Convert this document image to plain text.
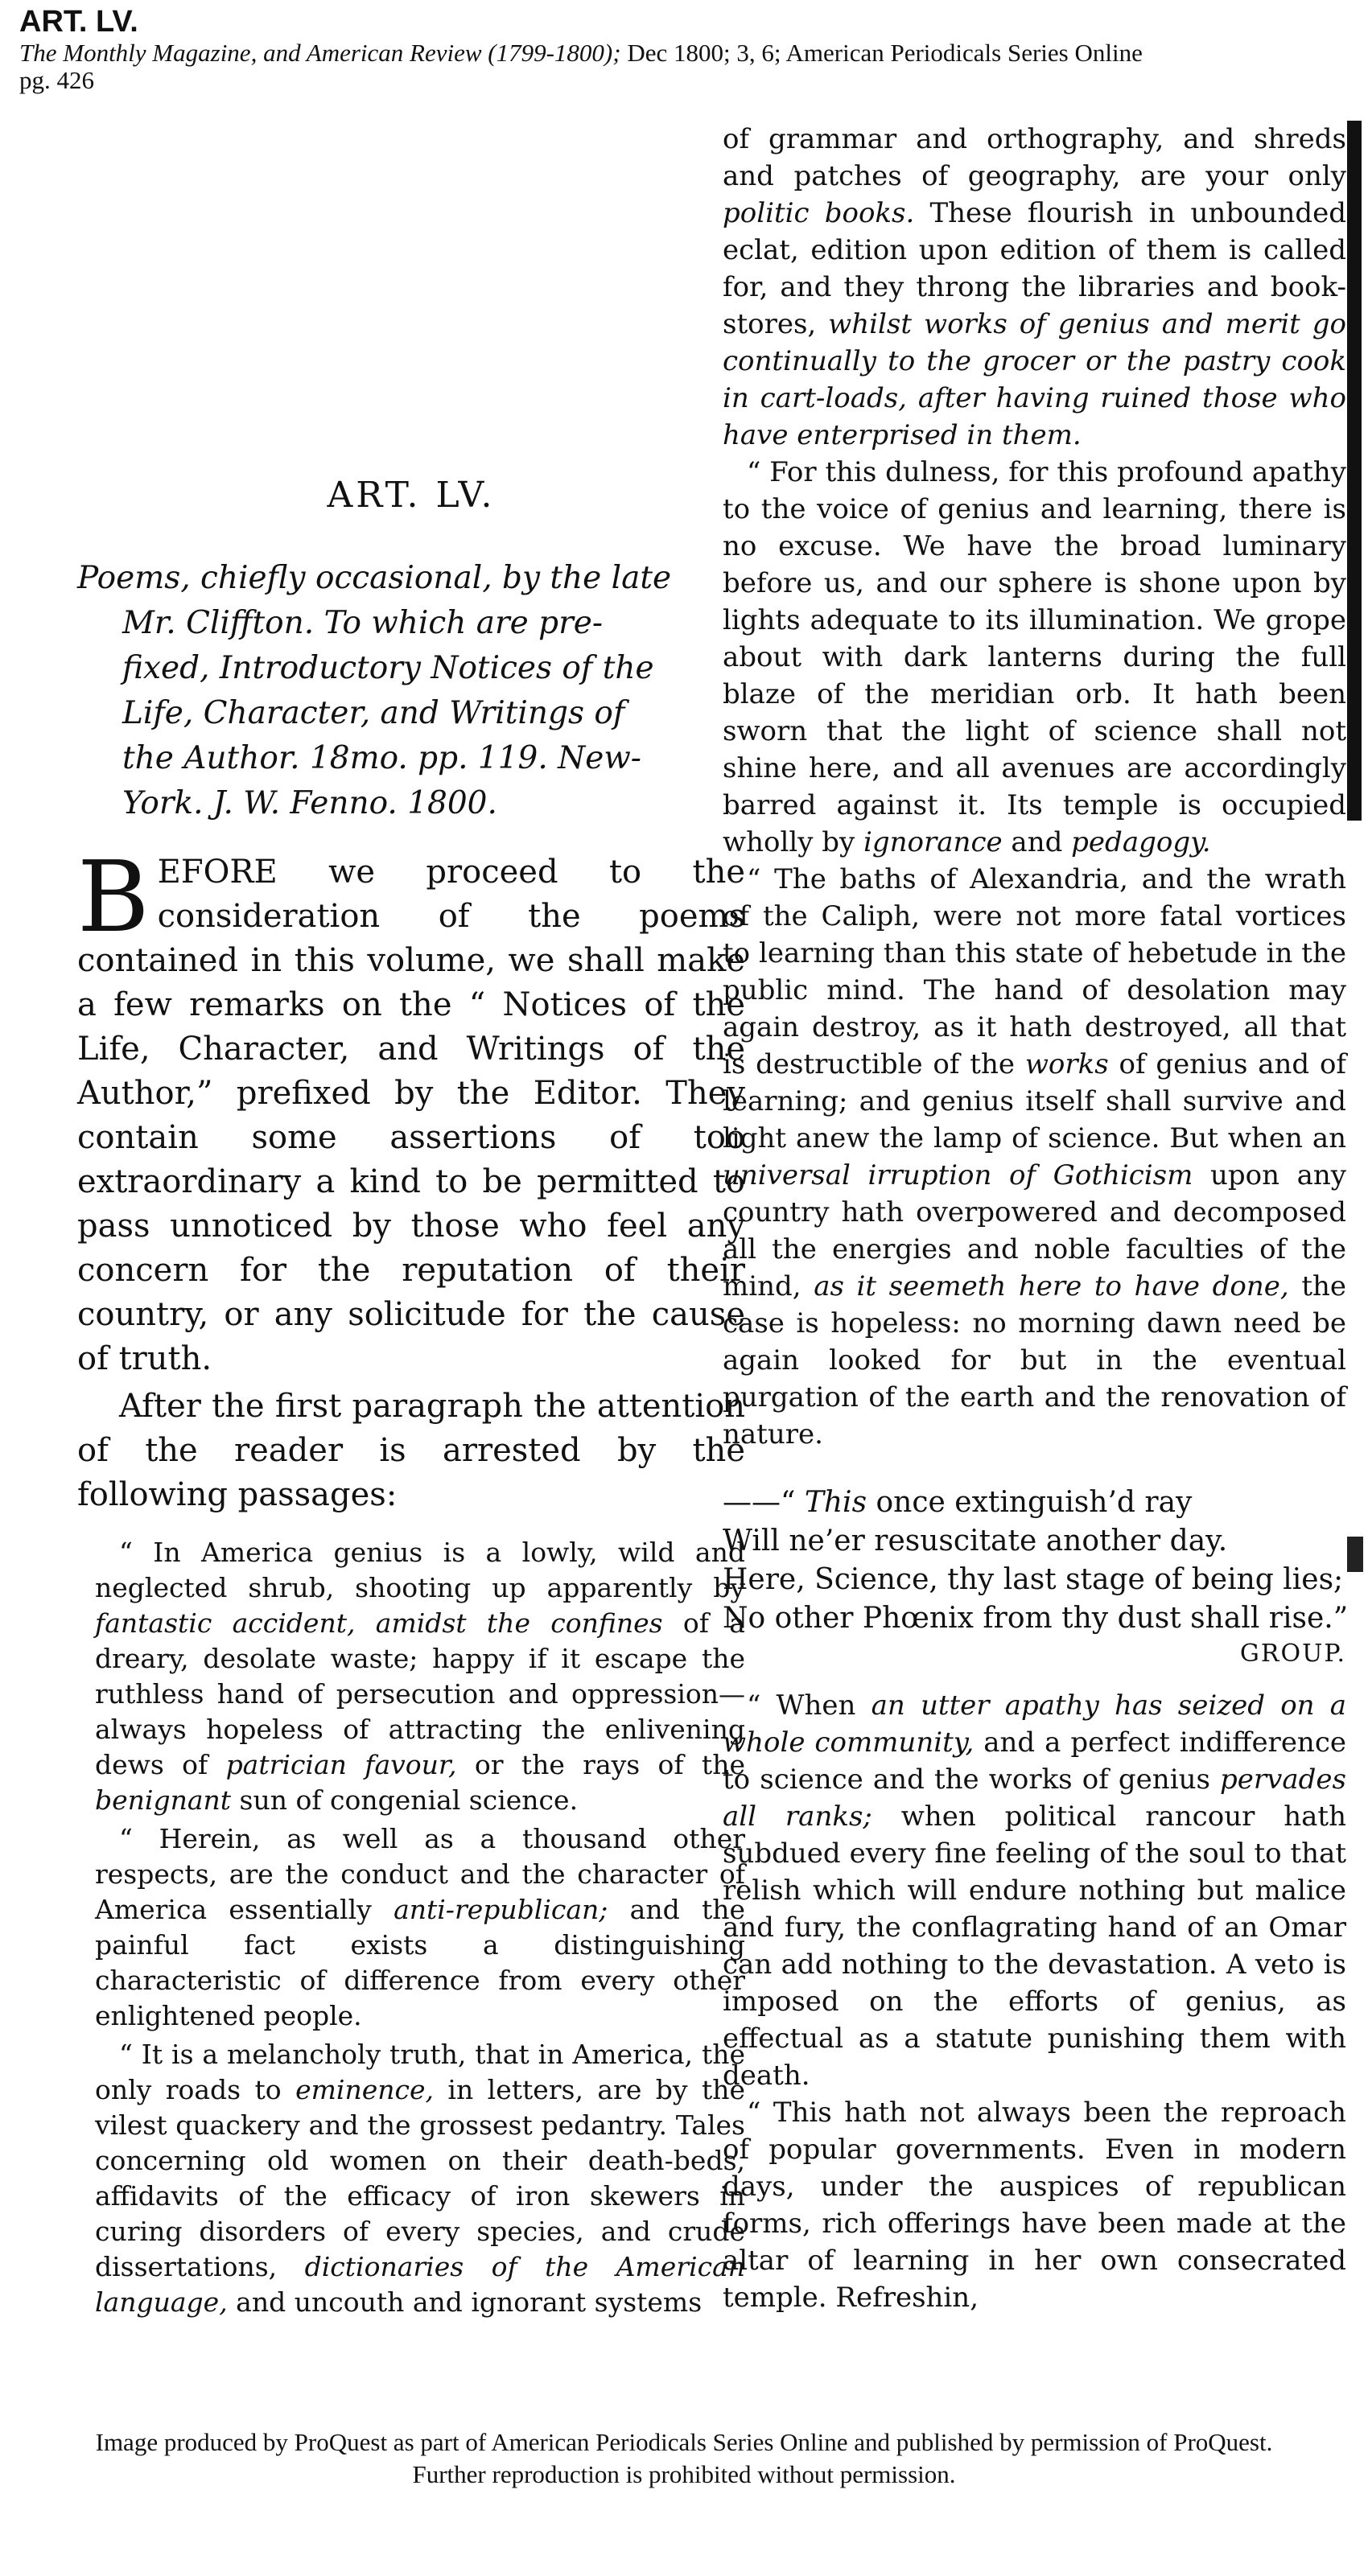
ART. LV.
The Monthly Magazine, and American Review (1799-1800); Dec 1800; 3, 6; American Periodicals Series Online
pg. 426
ART. LV.
Poems, chiefly occasional, by the late
Mr. Cliffton. To which are pre-
fixed, Introductory Notices of the
Life, Character, and Writings of
the Author. 18mo. pp. 119. New-
York. J. W. Fenno. 1800.
BEFORE we proceed to the consideration of the poems contained in this volume, we shall make a few remarks on the “ Notices of the Life, Character, and Writings of the Author,” prefixed by the Editor. They contain some assertions of too extraordinary a kind to be permitted to pass unnoticed by those who feel any concern for the reputation of their country, or any solicitude for the cause of truth.
After the first paragraph the attention of the reader is arrested by the following passages:

“ In America genius is a lowly, wild and neglected shrub, shooting up apparently by fantastic accident, amidst the confines of a dreary, desolate waste; happy if it escape the ruthless hand of persecution and oppression—always hopeless of attracting the enlivening dews of patrician favour, or the rays of the benignant sun of congenial science.

“ Herein, as well as a thousand other respects, are the conduct and the character of America essentially anti-republican; and the painful fact exists a distinguishing characteristic of difference from every other enlightened people.

“ It is a melancholy truth, that in America, the only roads to eminence, in letters, are by the vilest quackery and the grossest pedantry. Tales concerning old women on their death-beds, affidavits of the efficacy of iron skewers in curing disorders of every species, and crude dissertations, dictionaries of the American language, and uncouth and ignorant systems

of grammar and orthography, and shreds and patches of geography, are your only politic books. These flourish in unbounded eclat, edition upon edition of them is called for, and they throng the libraries and book-stores, whilst works of genius and merit go continually to the grocer or the pastry cook in cart-loads, after having ruined those who have enterprised in them.

“ For this dulness, for this profound apathy to the voice of genius and learning, there is no excuse. We have the broad luminary before us, and our sphere is shone upon by lights adequate to its illumination. We grope about with dark lanterns during the full blaze of the meridian orb. It hath been sworn that the light of science shall not shine here, and all avenues are accordingly barred against it. Its temple is occupied wholly by ignorance and pedagogy.

“ The baths of Alexandria, and the wrath of the Caliph, were not more fatal vortices to learning than this state of hebetude in the public mind. The hand of desolation may again destroy, as it hath destroyed, all that is destructible of the works of genius and of learning; and genius itself shall survive and light anew the lamp of science. But when an universal irruption of Gothicism upon any country hath overpowered and decomposed all the energies and noble faculties of the mind, as it seemeth here to have done, the case is hopeless: no morning dawn need be again looked for but in the eventual purgation of the earth and the renovation of nature.

——“ This once extinguish’d ray
Will ne’er resuscitate another day.
Here, Science, thy last stage of being lies;
No other Phœnix from thy dust shall rise.”
GROUP.

“ When an utter apathy has seized on a whole community, and a perfect indifference to science and the works of genius pervades all ranks; when political rancour hath subdued every fine feeling of the soul to that relish which will endure nothing but malice and fury, the conflagrating hand of an Omar can add nothing to the devastation. A veto is imposed on the efforts of genius, as effectual as a statute punishing them with death.

“ This hath not always been the reproach of popular governments. Even in modern days, under the auspices of republican forms, rich offerings have been made at the altar of learning in her own consecrated temple. Refreshin,

Image produced by ProQuest as part of American Periodicals Series Online and published by permission of ProQuest.
Further reproduction is prohibited without permission.
